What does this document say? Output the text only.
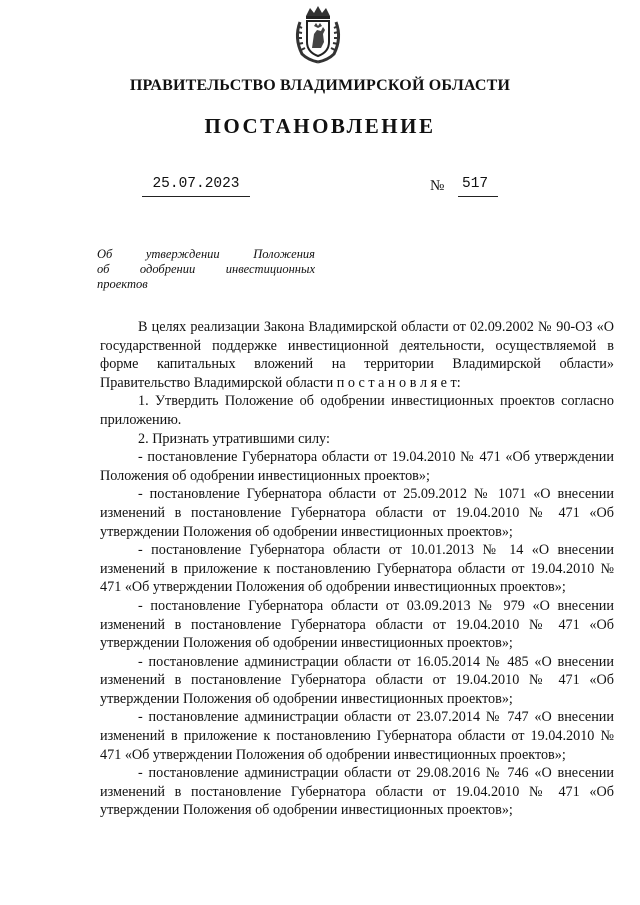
ПРАВИТЕЛЬСТВО ВЛАДИМИРСКОЙ ОБЛАСТИ
ПОСТАНОВЛЕНИЕ
25.07.2023	№ 517
Об утверждении Положения
об одобрении инвестиционных
проектов

В целях реализации Закона Владимирской области от 02.09.2002 № 90-ОЗ «О государственной поддержке инвестиционной деятельности, осуществляемой в форме капитальных вложений на территории Владимирской области» Правительство Владимирской области п о с т а н о в л я е т:

1. Утвердить Положение об одобрении инвестиционных проектов согласно приложению.

2. Признать утратившими силу:

- постановление Губернатора области от 19.04.2010 № 471 «Об утверждении Положения об одобрении инвестиционных проектов»;

- постановление Губернатора области от 25.09.2012 № 1071 «О внесении изменений в постановление Губернатора области от 19.04.2010 № 471 «Об утверждении Положения об одобрении инвестиционных проектов»;

- постановление Губернатора области от 10.01.2013 № 14 «О внесении изменений в приложение к постановлению Губернатора области от 19.04.2010 № 471 «Об утверждении Положения об одобрении инвестиционных проектов»;

- постановление Губернатора области от 03.09.2013 № 979 «О внесении изменений в постановление Губернатора области от 19.04.2010 № 471 «Об утверждении Положения об одобрении инвестиционных проектов»;

- постановление администрации области от 16.05.2014 № 485 «О внесении изменений в постановление Губернатора области от 19.04.2010 № 471 «Об утверждении Положения об одобрении инвестиционных проектов»;

- постановление администрации области от 23.07.2014 № 747 «О внесении изменений в приложение к постановлению Губернатора области от 19.04.2010 № 471 «Об утверждении Положения об одобрении инвестиционных проектов»;

- постановление администрации области от 29.08.2016 № 746 «О внесении изменений в постановление Губернатора области от 19.04.2010 № 471 «Об утверждении Положения об одобрении инвестиционных проектов»;
